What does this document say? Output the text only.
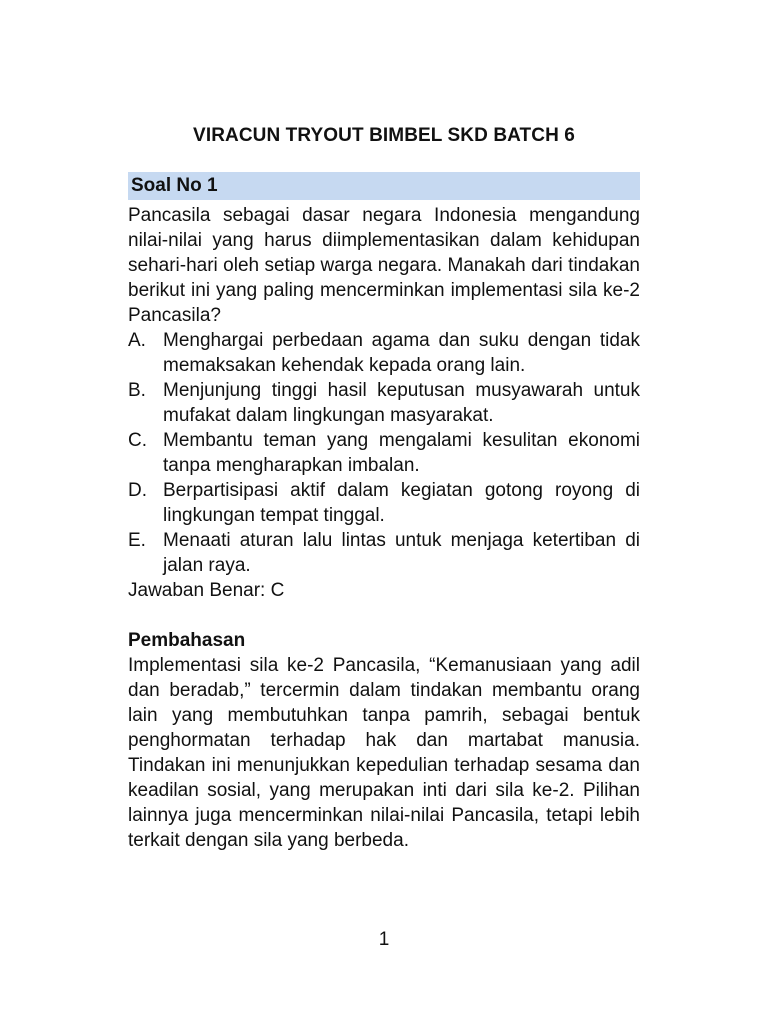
VIRACUN TRYOUT BIMBEL SKD BATCH 6
Soal No 1

Pancasila sebagai dasar negara Indonesia mengandung nilai-nilai yang harus diimplementasikan dalam kehidupan sehari-hari oleh setiap warga negara. Manakah dari tindakan berikut ini yang paling mencerminkan implementasi sila ke-2 Pancasila?

A. Menghargai perbedaan agama dan suku dengan tidak memaksakan kehendak kepada orang lain.
B. Menjunjung tinggi hasil keputusan musyawarah untuk mufakat dalam lingkungan masyarakat.
C. Membantu teman yang mengalami kesulitan ekonomi tanpa mengharapkan imbalan.
D. Berpartisipasi aktif dalam kegiatan gotong royong di lingkungan tempat tinggal.
E. Menaati aturan lalu lintas untuk menjaga ketertiban di jalan raya.

Jawaban Benar: C

Pembahasan

Implementasi sila ke-2 Pancasila, “Kemanusiaan yang adil dan beradab,” tercermin dalam tindakan membantu orang lain yang membutuhkan tanpa pamrih, sebagai bentuk penghormatan terhadap hak dan martabat manusia. Tindakan ini menunjukkan kepedulian terhadap sesama dan keadilan sosial, yang merupakan inti dari sila ke-2. Pilihan lainnya juga mencerminkan nilai-nilai Pancasila, tetapi lebih terkait dengan sila yang berbeda.

1
